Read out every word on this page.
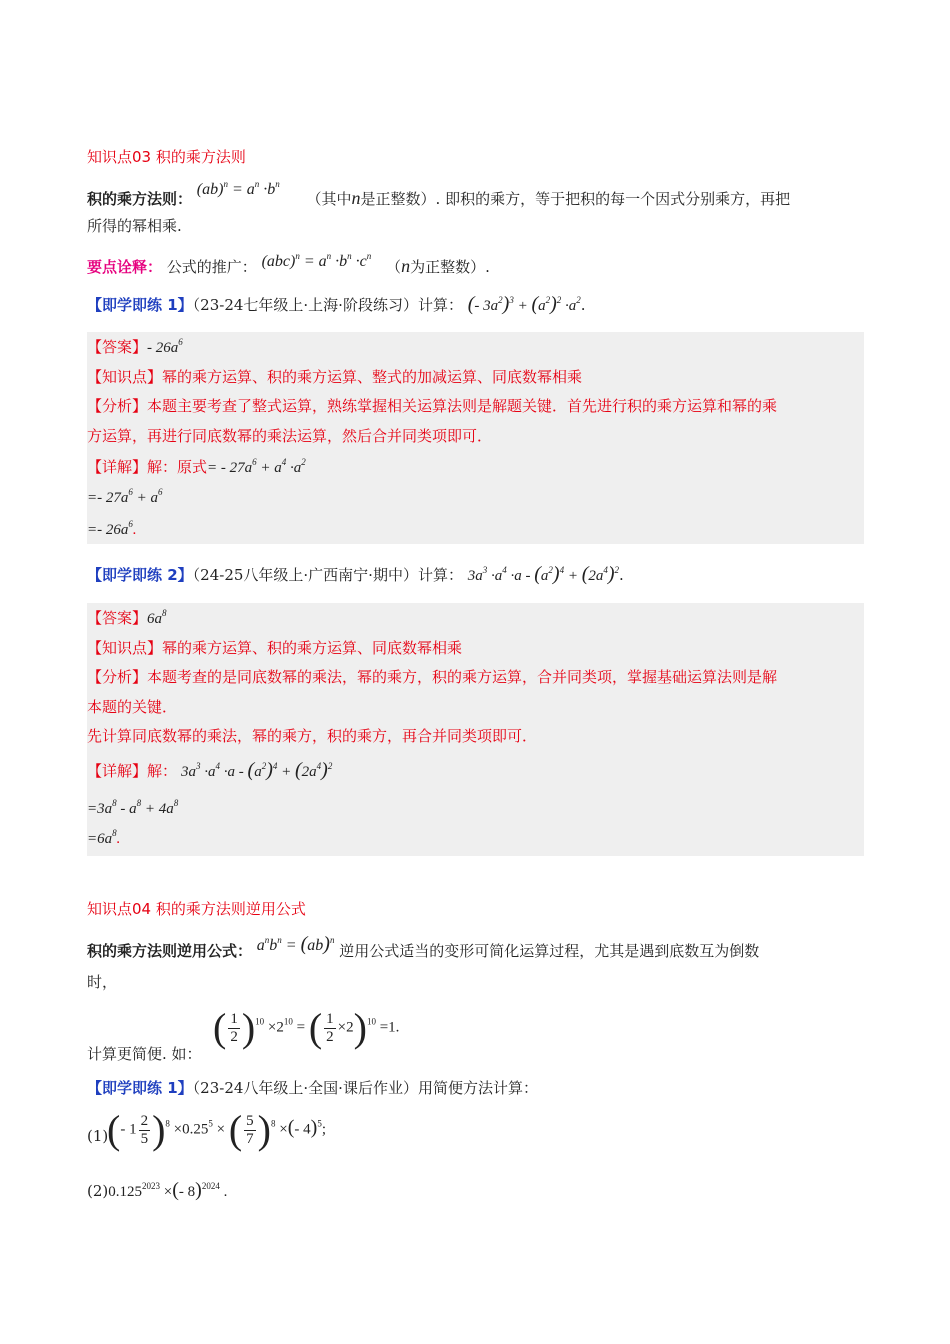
知识点03 积的乘方法则
积的乘方法则： $(ab)^n = a^n \cdot b^n$ （其中n是正整数）. 即积的乘方，等于把积的每一个因式分别乘方，再把
所得的幂相乘.
要点诠释： 公式的推广： $(abc)^n = a^n \cdot b^n \cdot c^n$ （n为正整数）.
【即学即练 1】（23-24七年级上·上海·阶段练习）计算： (- $3a^2)^3 + (a^2)^2 \cdot a^2$.
【答案】- $26a^6$
【知识点】幂的乘方运算、积的乘方运算、整式的加减运算、同底数幂相乘
【分析】本题主要考查了整式运算，熟练掌握相关运算法则是解题关键．首先进行积的乘方运算和幂的乘
方运算，再进行同底数幂的乘法运算，然后合并同类项即可．
【详解】解：原式= - $27a^6 + a^4 \cdot a^2$
=- $27a^6 + a^6$
=- $26a^6$.
【即学即练 2】（24-25八年级上·广西南宁·期中）计算： $3a^3 \cdot a^4 \cdot a - (a^2)^4 + (2a^4)^2$.
【答案】$6a^8$
【知识点】幂的乘方运算、积的乘方运算、同底数幂相乘
【分析】本题考查的是同底数幂的乘法，幂的乘方，积的乘方运算，合并同类项，掌握基础运算法则是解
本题的关键．
先计算同底数幂的乘法，幂的乘方，积的乘方，再合并同类项即可．
【详解】解： $3a^3 \cdot a^4 \cdot a - (a^2)^4 + (2a^4)^2$
$=3a^8 - a^8 + 4a^8$
$=6a^8$.
知识点04 积的乘方法则逆用公式
积的乘方法则逆用公式： $a^nb^n = (ab)^n$ 逆用公式适当的变形可简化运算过程，尤其是遇到底数互为倒数
时，
计算更简便. 如：
( $\frac{1}{2} )^{10} \times 2^{10}$ = ( $\frac{1}{2} \times 2)^{10} =1$.
【即学即练 1】（23-24八年级上·全国·课后作业）用简便方法计算：
(1)
(- $1 \frac{2}{5} )^8 \times 0.25^5$ × ( $\frac{5}{7} )^8$ ×(- 4)$^5$;
$(2)0.125^{2023}$ ×(- 8)$^{2024}$ .
